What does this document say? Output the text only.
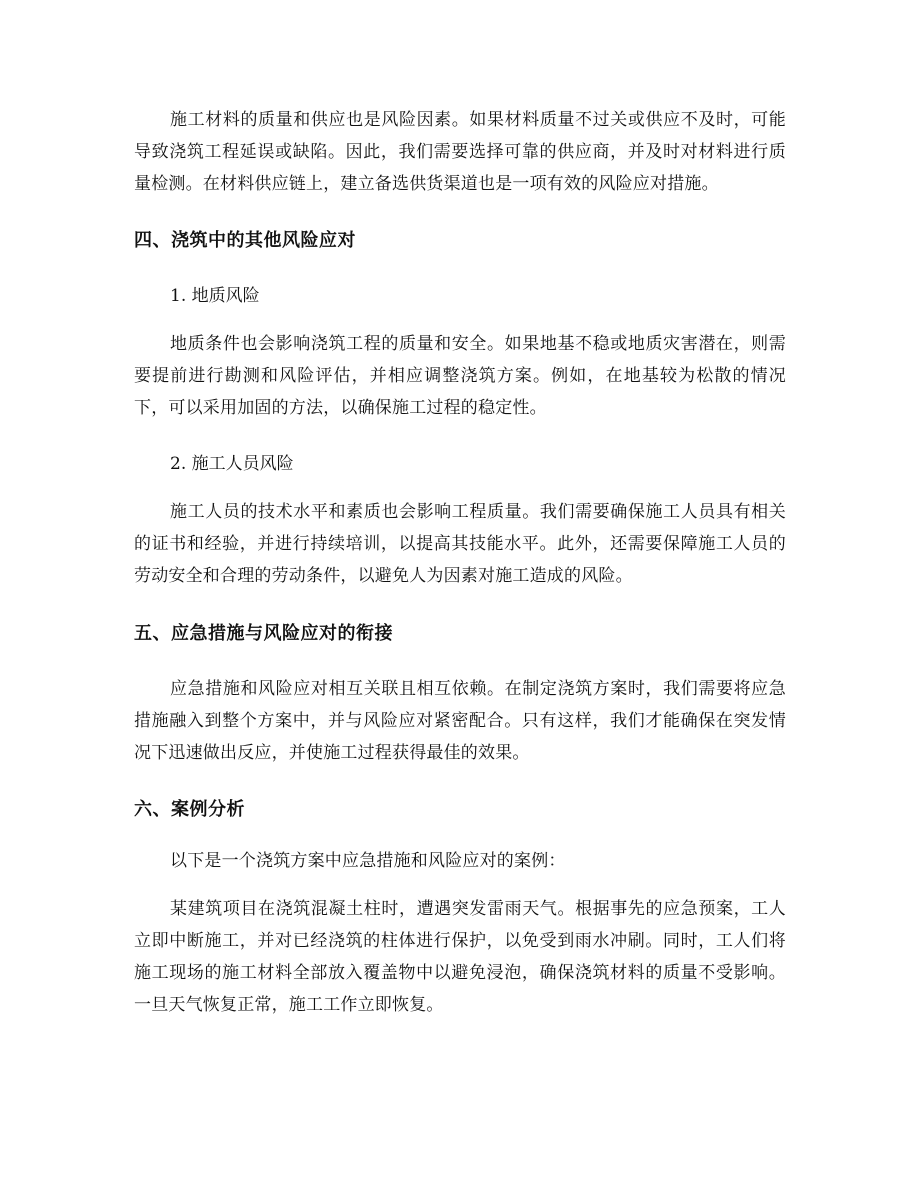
施工材料的质量和供应也是风险因素。如果材料质量不过关或供应不及时，可能导致浇筑工程延误或缺陷。因此，我们需要选择可靠的供应商，并及时对材料进行质量检测。在材料供应链上，建立备选供货渠道也是一项有效的风险应对措施。

四、浇筑中的其他风险应对
1. 地质风险

地质条件也会影响浇筑工程的质量和安全。如果地基不稳或地质灾害潜在，则需要提前进行勘测和风险评估，并相应调整浇筑方案。例如，在地基较为松散的情况下，可以采用加固的方法，以确保施工过程的稳定性。

2. 施工人员风险

施工人员的技术水平和素质也会影响工程质量。我们需要确保施工人员具有相关的证书和经验，并进行持续培训，以提高其技能水平。此外，还需要保障施工人员的劳动安全和合理的劳动条件，以避免人为因素对施工造成的风险。

五、应急措施与风险应对的衔接

应急措施和风险应对相互关联且相互依赖。在制定浇筑方案时，我们需要将应急措施融入到整个方案中，并与风险应对紧密配合。只有这样，我们才能确保在突发情况下迅速做出反应，并使施工过程获得最佳的效果。

六、案例分析

以下是一个浇筑方案中应急措施和风险应对的案例：

某建筑项目在浇筑混凝土柱时，遭遇突发雷雨天气。根据事先的应急预案，工人立即中断施工，并对已经浇筑的柱体进行保护，以免受到雨水冲刷。同时，工人们将施工现场的施工材料全部放入覆盖物中以避免浸泡，确保浇筑材料的质量不受影响。一旦天气恢复正常，施工工作立即恢复。
